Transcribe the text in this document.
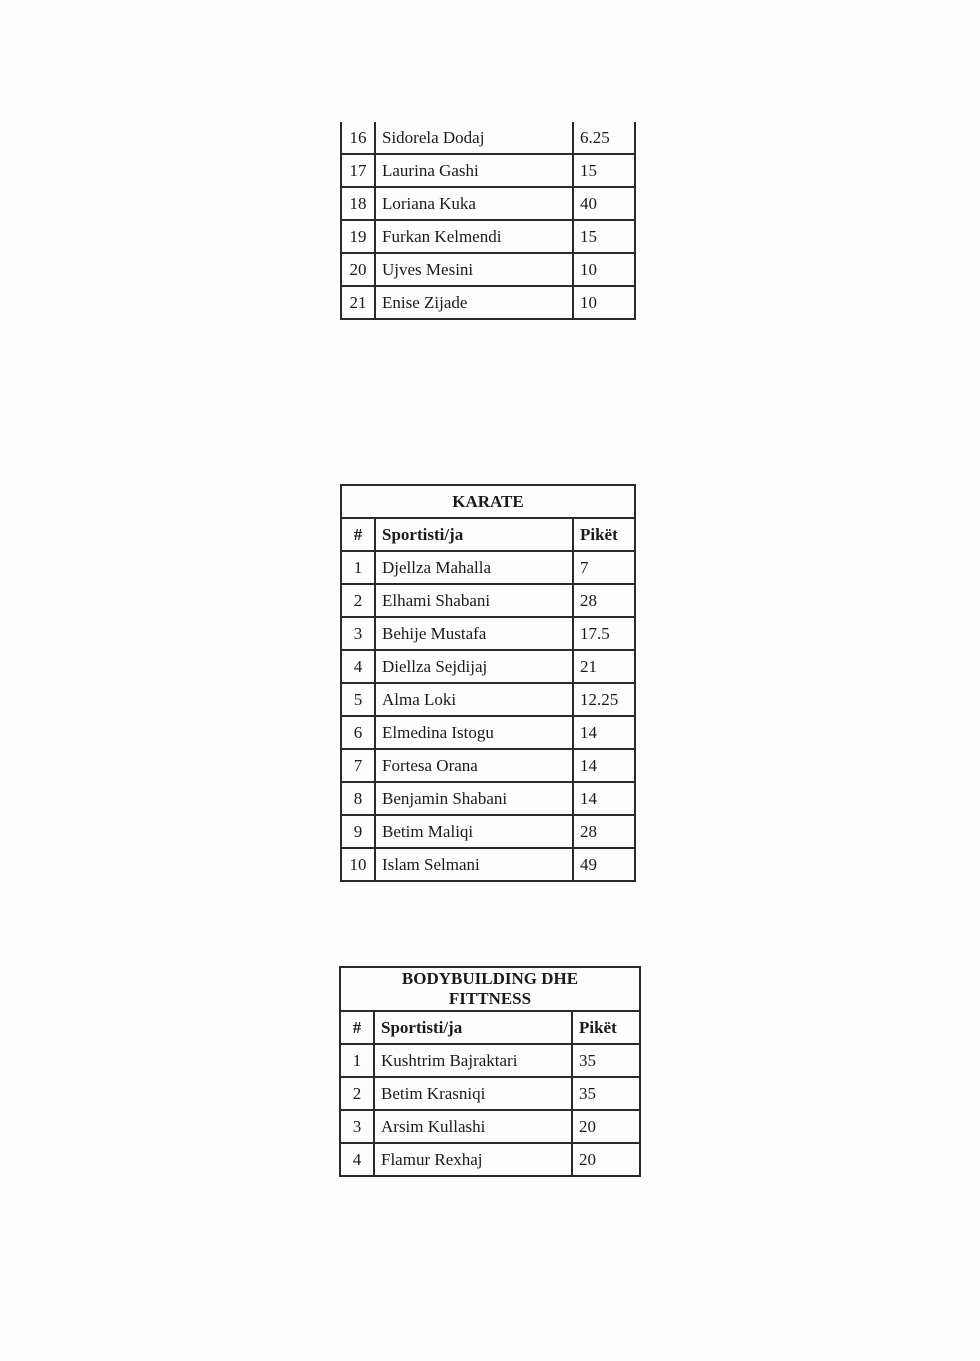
16	Sidorela Dodaj	6.25
17	Laurina Gashi	15
18	Loriana Kuka	40
19	Furkan Kelmendi	15
20	Ujves Mesini	10
21	Enise Zijade	10
KARATE		
#	Sportisti/ja	Pikët
1	Djellza Mahalla	7
2	Elhami Shabani	28
3	Behije Mustafa	17.5
4	Diellza Sejdijaj	21
5	Alma Loki	12.25
6	Elmedina Istogu	14
7	Fortesa Orana	14
8	Benjamin Shabani	14
9	Betim Maliqi	28
10	Islam Selmani	49
BODYBUILDING DHE FITTNESS		
#	Sportisti/ja	Pikët
1	Kushtrim Bajraktari	35
2	Betim Krasniqi	35
3	Arsim Kullashi	20
4	Flamur Rexhaj	20
